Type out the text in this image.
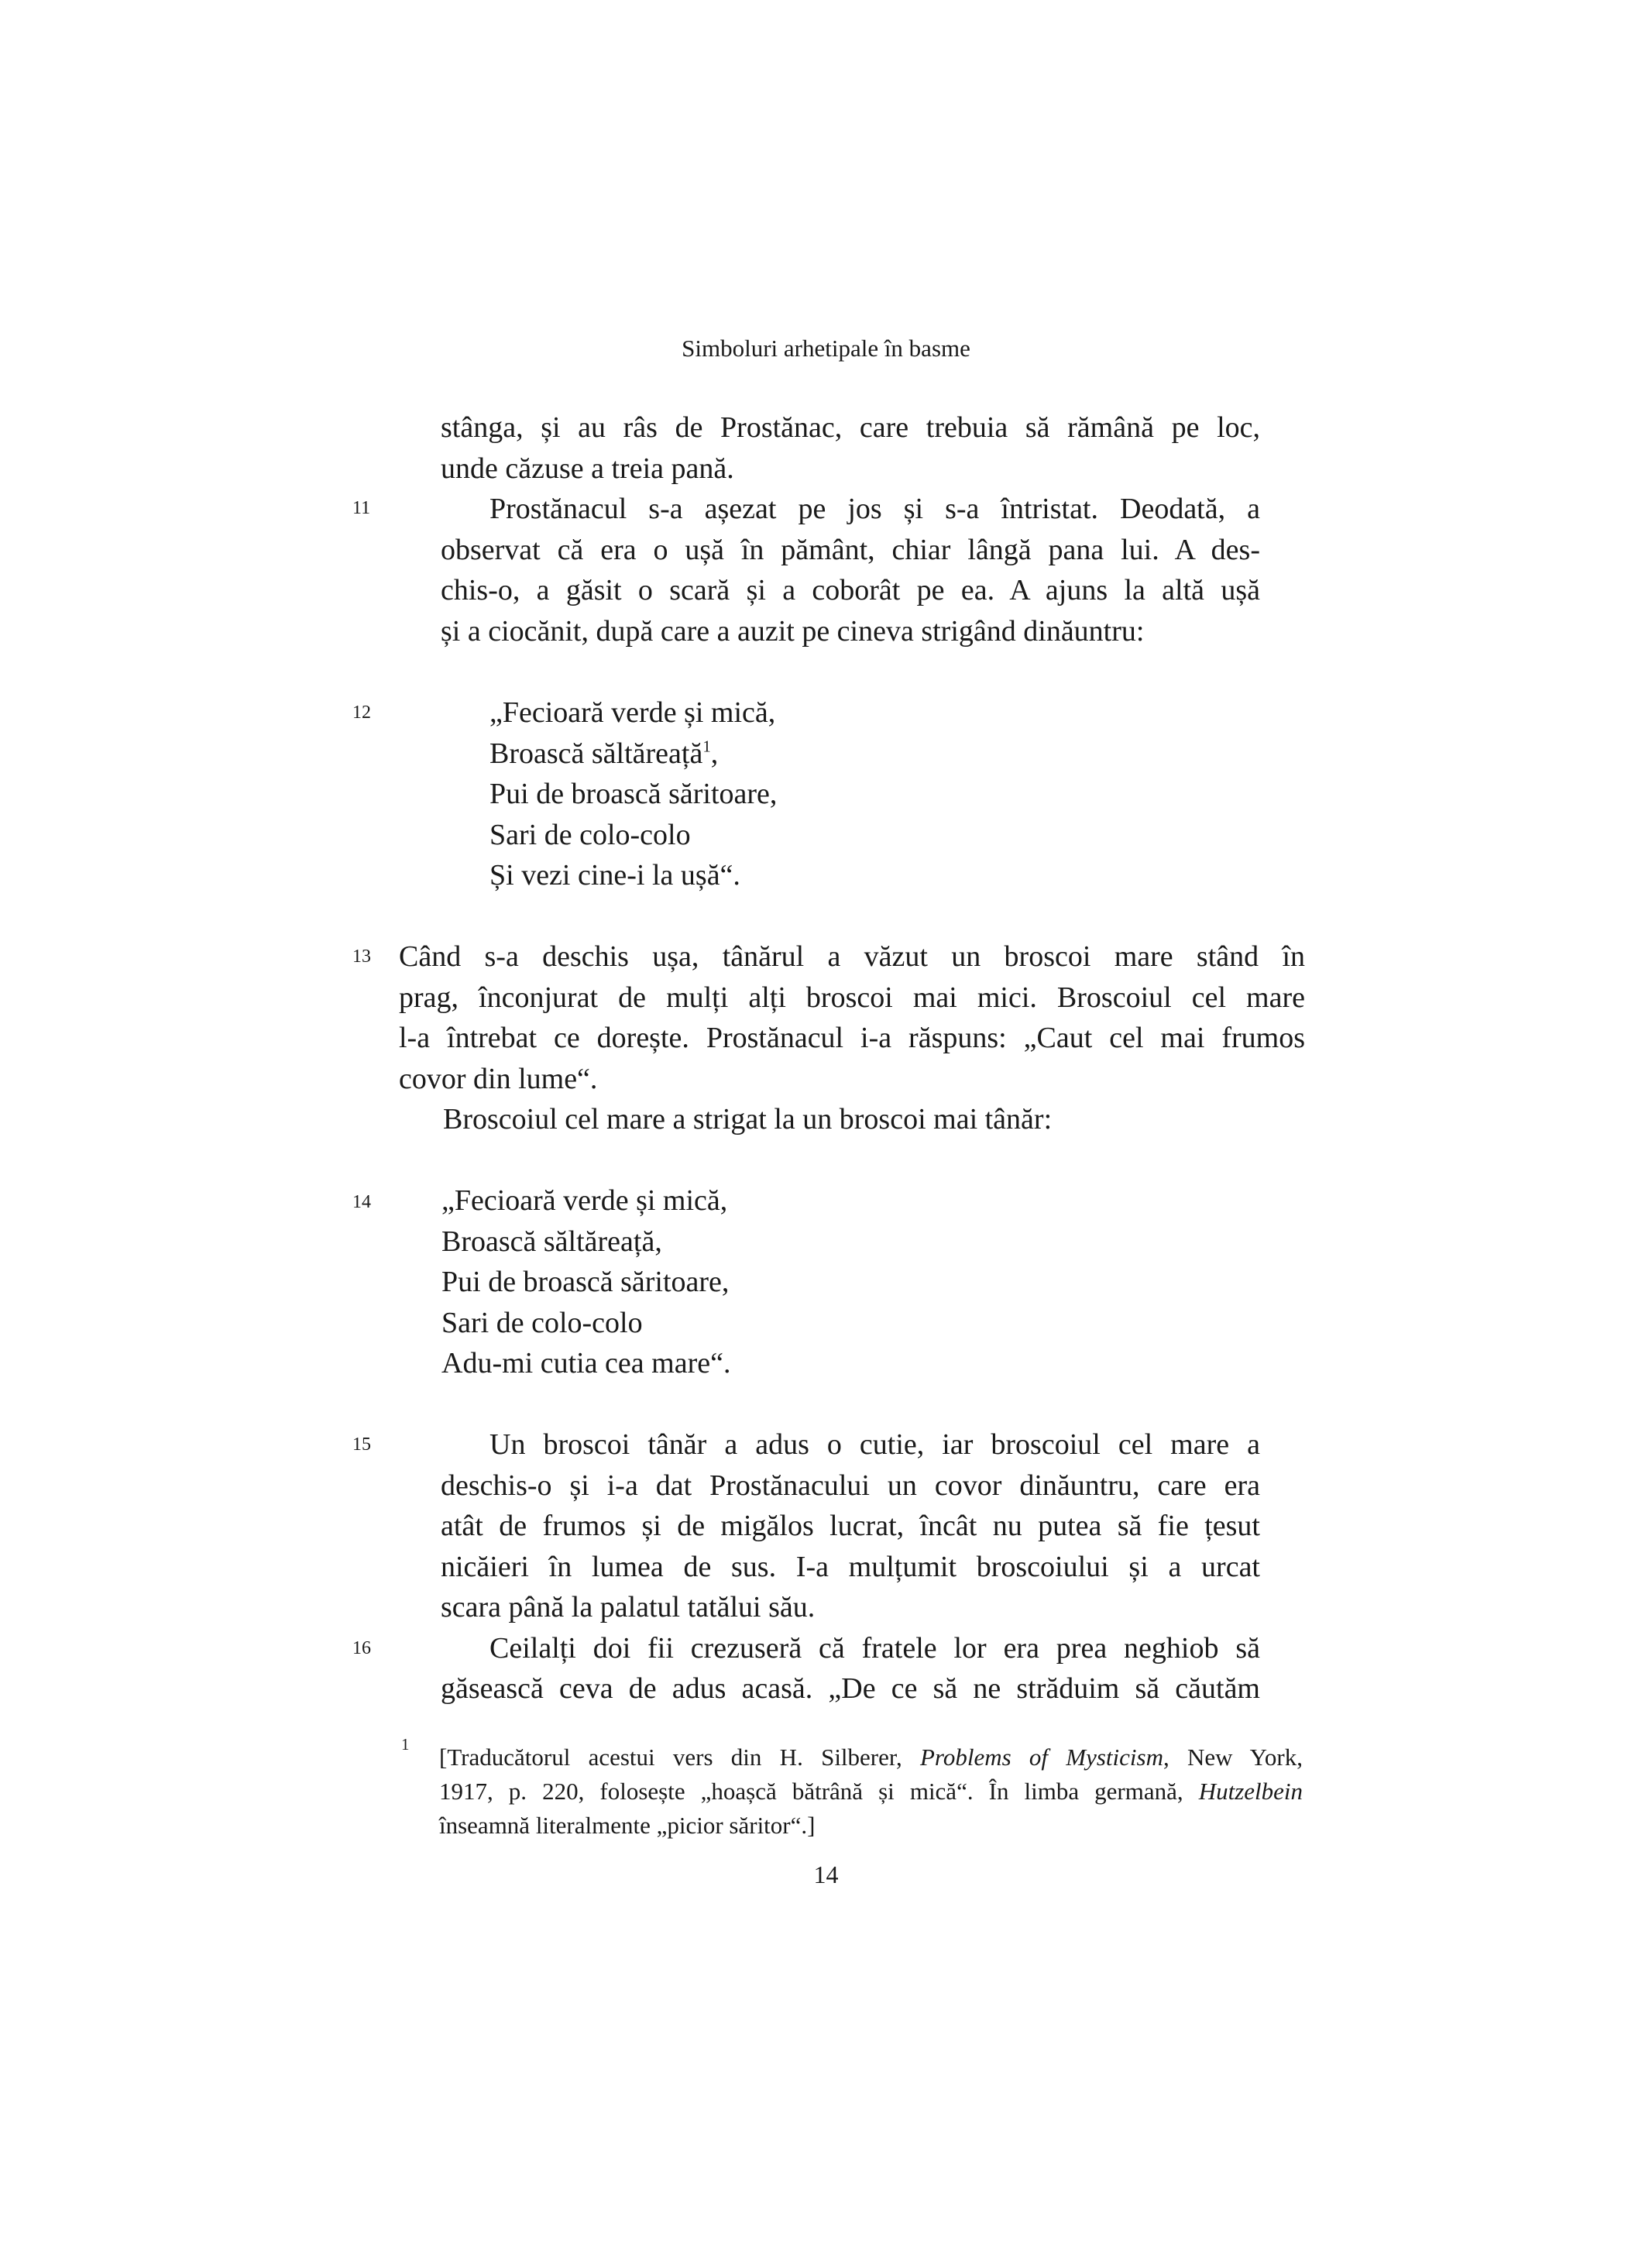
Simboluri arhetipale în basme
11
12
13
14
15
16
stânga, și au râs de Prostănac, care trebuia să rămână pe loc,
unde căzuse a treia pană.
Prostănacul s-a așezat pe jos și s-a întristat. Deodată, a
observat că era o ușă în pământ, chiar lângă pana lui. A des-
chis-o, a găsit o scară și a coborât pe ea. A ajuns la altă ușă
și a ciocănit, după care a auzit pe cineva strigând dinăuntru:
„Fecioară verde și mică,
Broască săltăreață$^1$,
Pui de broască săritoare,
Sari de colo-colo
Și vezi cine-i la ușă“.
Când s-a deschis ușa, tânărul a văzut un broscoi mare stând în
prag, înconjurat de mulți alți broscoi mai mici. Broscoiul cel mare
l-a întrebat ce dorește. Prostănacul i-a răspuns: „Caut cel mai frumos
covor din lume“.
Broscoiul cel mare a strigat la un broscoi mai tânăr:
„Fecioară verde și mică,
Broască săltăreață,
Pui de broască săritoare,
Sari de colo-colo
Adu-mi cutia cea mare“.
Un broscoi tânăr a adus o cutie, iar broscoiul cel mare a
deschis-o și i-a dat Prostănacului un covor dinăuntru, care era
atât de frumos și de migălos lucrat, încât nu putea să fie țesut
nicăieri în lumea de sus. I-a mulțumit broscoiului și a urcat
scara până la palatul tatălui său.
Ceilalți doi fii crezuseră că fratele lor era prea neghiob să
găsească ceva de adus acasă. „De ce să ne străduim să căutăm
1 [Traducătorul acestui vers din H. Silberer, Problems of Mysticism, New York,
1917, p. 220, folosește „hoașcă bătrână și mică“. În limba germană, Hutzelbein
înseamnă literalmente „picior săritor“.]
14
